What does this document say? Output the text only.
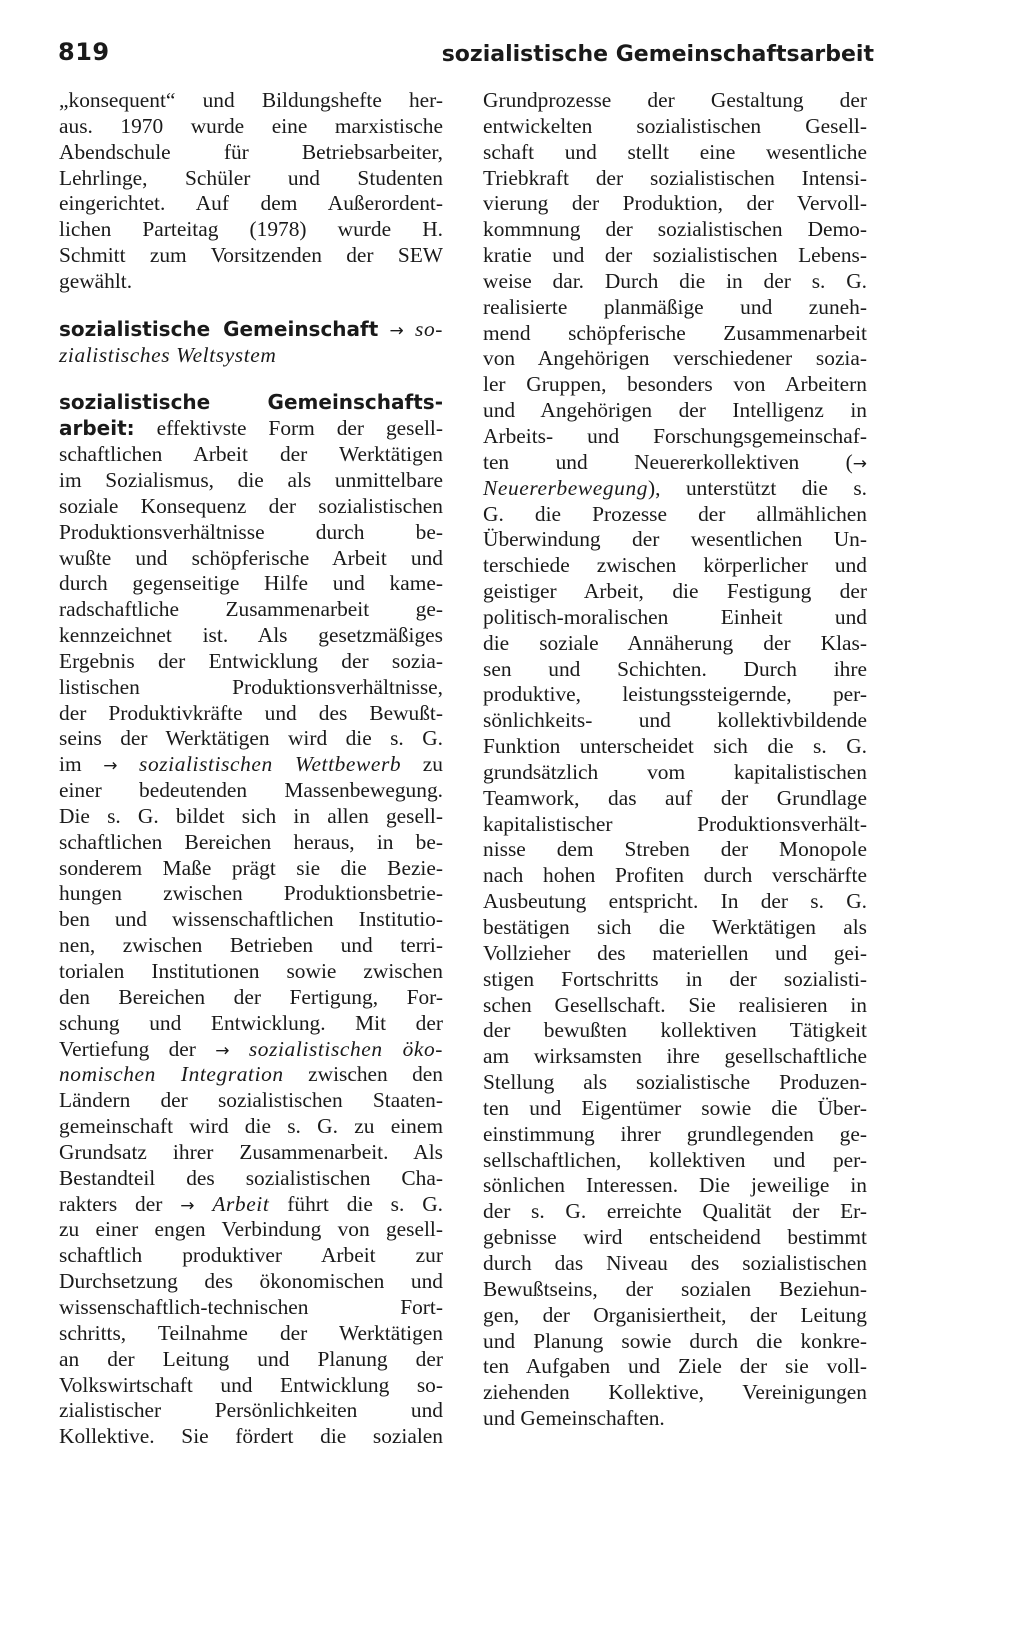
819	sozialistische Gemeinschaftsarbeit
„konsequent“ und Bildungshefte her-
aus. 1970 wurde eine marxistische
Abendschule für Betriebsarbeiter,
Lehrlinge, Schüler und Studenten
eingerichtet. Auf dem Außerordent-
lichen Parteitag (1978) wurde H.
Schmitt zum Vorsitzenden der SEW
gewählt.
sozialistische Gemeinschaft → so-
zialistisches Weltsystem
sozialistische Gemeinschafts-
arbeit: effektivste Form der gesell-
schaftlichen Arbeit der Werktätigen
im Sozialismus, die als unmittelbare
soziale Konsequenz der sozialistischen
Produktionsverhältnisse durch be-
wußte und schöpferische Arbeit und
durch gegenseitige Hilfe und kame-
radschaftliche Zusammenarbeit ge-
kennzeichnet ist. Als gesetzmäßiges
Ergebnis der Entwicklung der sozia-
listischen Produktionsverhältnisse,
der Produktivkräfte und des Bewußt-
seins der Werktätigen wird die s. G.
im → sozialistischen Wettbewerb zu
einer bedeutenden Massenbewegung.
Die s. G. bildet sich in allen gesell-
schaftlichen Bereichen heraus, in be-
sonderem Maße prägt sie die Bezie-
hungen zwischen Produktionsbetrie-
ben und wissenschaftlichen Institutio-
nen, zwischen Betrieben und terri-
torialen Institutionen sowie zwischen
den Bereichen der Fertigung, For-
schung und Entwicklung. Mit der
Vertiefung der → sozialistischen öko-
nomischen Integration zwischen den
Ländern der sozialistischen Staaten-
gemeinschaft wird die s. G. zu einem
Grundsatz ihrer Zusammenarbeit. Als
Bestandteil des sozialistischen Cha-
rakters der → Arbeit führt die s. G.
zu einer engen Verbindung von gesell-
schaftlich produktiver Arbeit zur
Durchsetzung des ökonomischen und
wissenschaftlich-technischen Fort-
schritts, Teilnahme der Werktätigen
an der Leitung und Planung der
Volkswirtschaft und Entwicklung so-
zialistischer Persönlichkeiten und
Kollektive. Sie fördert die sozialen
Grundprozesse der Gestaltung der
entwickelten sozialistischen Gesell-
schaft und stellt eine wesentliche
Triebkraft der sozialistischen Intensi-
vierung der Produktion, der Vervoll-
kommnung der sozialistischen Demo-
kratie und der sozialistischen Lebens-
weise dar. Durch die in der s. G.
realisierte planmäßige und zuneh-
mend schöpferische Zusammenarbeit
von Angehörigen verschiedener sozia-
ler Gruppen, besonders von Arbeitern
und Angehörigen der Intelligenz in
Arbeits- und Forschungsgemeinschaf-
ten und Neuererkollektiven (→
Neuererbewegung), unterstützt die s.
G. die Prozesse der allmählichen
Überwindung der wesentlichen Un-
terschiede zwischen körperlicher und
geistiger Arbeit, die Festigung der
politisch-moralischen Einheit und
die soziale Annäherung der Klas-
sen und Schichten. Durch ihre
produktive, leistungssteigernde, per-
sönlichkeits- und kollektivbildende
Funktion unterscheidet sich die s. G.
grundsätzlich vom kapitalistischen
Teamwork, das auf der Grundlage
kapitalistischer Produktionsverhält-
nisse dem Streben der Monopole
nach hohen Profiten durch verschärfte
Ausbeutung entspricht. In der s. G.
bestätigen sich die Werktätigen als
Vollzieher des materiellen und gei-
stigen Fortschritts in der sozialisti-
schen Gesellschaft. Sie realisieren in
der bewußten kollektiven Tätigkeit
am wirksamsten ihre gesellschaftliche
Stellung als sozialistische Produzen-
ten und Eigentümer sowie die Über-
einstimmung ihrer grundlegenden ge-
sellschaftlichen, kollektiven und per-
sönlichen Interessen. Die jeweilige in
der s. G. erreichte Qualität der Er-
gebnisse wird entscheidend bestimmt
durch das Niveau des sozialistischen
Bewußtseins, der sozialen Beziehun-
gen, der Organisiertheit, der Leitung
und Planung sowie durch die konkre-
ten Aufgaben und Ziele der sie voll-
ziehenden Kollektive, Vereinigungen
und Gemeinschaften.
